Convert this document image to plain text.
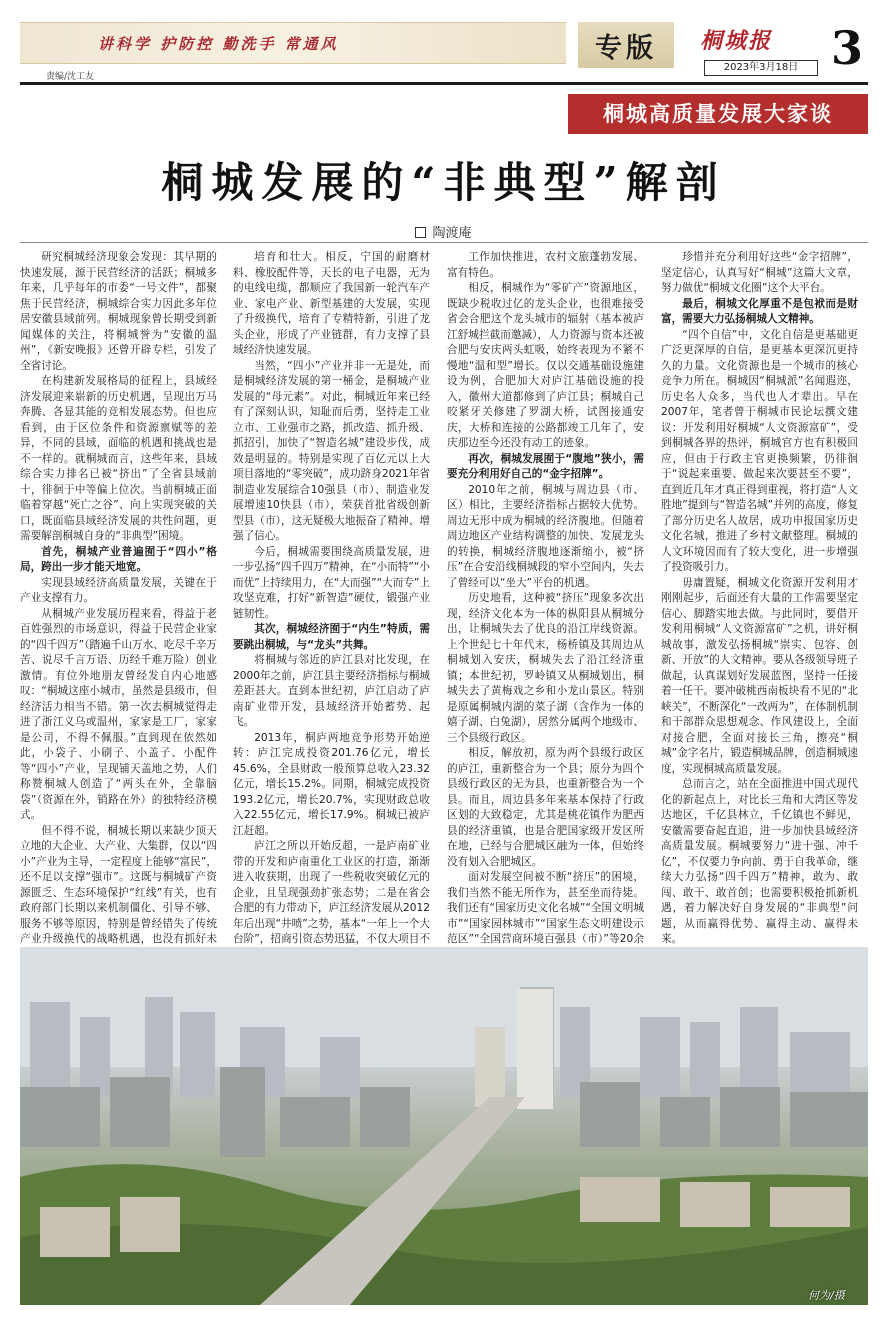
讲科学 护防控 勤洗手 常通风
责编/沈工友
专版	桐城报
2023年3月18日 3
桐城高质量发展大家谈
桐城发展的“非典型”解剖
陶渡庵

研究桐城经济现象会发现：其早期的快速发展，源于民营经济的活跃；桐城多年来，几乎每年的市委“一号文件”，都聚焦于民营经济，桐城综合实力因此多年位居安徽县域前列。桐城现象曾长期受到新闻媒体的关注，将桐城誉为“安徽的温州”，《新安晚报》还曾开辟专栏，引发了全省讨论。

在构建新发展格局的征程上，县域经济发展迎来崭新的历史机遇，呈现出万马奔腾、各显其能的竞相发展态势。但也应看到，由于区位条件和资源禀赋等的差异，不同的县域，面临的机遇和挑战也是不一样的。就桐城而言，这些年来，县域综合实力排名已被“挤出”了全省县域前十，徘徊于中等偏上位次。当前桐城正面临着穿越“死亡之谷”、向上实现突破的关口，既面临县域经济发展的共性问题，更需要解剖桐城自身的“非典型”困境。

首先，桐城产业普遍囿于“四小”格局，跨出一步才能天地宽。

实现县域经济高质量发展，关键在于产业支撑有力。

从桐城产业发展历程来看，得益于老百姓强烈的市场意识，得益于民营企业家的“四千四万”（踏遍千山万水、吃尽千辛万苦、说尽千言万语、历经千难万险）创业激情。有位外地朋友曾经发自内心地感叹：“桐城这座小城市，虽然是县级市，但经济活力相当不错。第一次去桐城觉得走进了浙江义乌或温州，家家是工厂，家家是公司，不得不佩服。”直到现在依然如此，小袋子、小刷子、小盖子、小配件等“四小”产业，呈现铺天盖地之势，人们称赞桐城人创造了“两头在外，全靠脑袋”（资源在外，销路在外）的独特经济模式。

但不得不说，桐城长期以来缺少顶天立地的大企业、大产业、大集群，仅以“四小”产业为主导，一定程度上能够“富民”，还不足以支撑“强市”。这既与桐城矿产资源匮乏、生态环境保护“红线”有关，也有政府部门长期以来机制僵化、引导不够、服务不够等原因，特别是曾经错失了传统产业升级换代的战略机遇，也没有抓好未

培育和壮大。相反，宁国的耐磨材料、橡胶配件等，天长的电子电器，无为的电线电缆，都顺应了我国新一轮汽车产业、家电产业、新型基建的大发展，实现了升级换代，培育了专精特新，引进了龙头企业，形成了产业链群，有力支撑了县域经济快速发展。

当然，“四小”产业并非一无是处，而是桐城经济发展的第一桶金，是桐城产业发展的“母元素”。对此，桐城近年来已经有了深刻认识，知耻而后勇，坚持走工业立市、工业强市之路，抓改造、抓升级、抓招引，加快了“智造名城”建设步伐，成效是明显的。特别是实现了百亿元以上大项目落地的“零突破”，成功跻身2021年省制造业发展综合10强县（市）、制造业发展增速10快县（市），荣获首批省级创新型县（市），这无疑极大地振奋了精神、增强了信心。

今后，桐城需要围绕高质量发展，进一步弘扬“四千四万”精神，在“小而特”“小而优”上持续用力，在“大而强”“大而专”上攻坚克难，打好“新智造”硬仗，锻强产业链韧性。

其次，桐城经济囿于“内生”特质，需要跳出桐城，与“龙头”共舞。

将桐城与邻近的庐江县对比发现，在2000年之前，庐江县主要经济指标与桐城差距甚大。直到本世纪初，庐江启动了庐南矿业带开发，县域经济开始蓄势、起飞。

2013年，桐庐两地竞争形势开始逆转：庐江完成投资201.76亿元，增长45.6%，全县财政一般预算总收入23.32亿元，增长15.2%。同期，桐城完成投资193.2亿元，增长20.7%，实现财政总收入22.55亿元，增长17.9%。桐城已被庐江赶超。

庐江之所以开始反超，一是庐南矿业带的开发和庐南重化工业区的打造，渐渐进入收获期，出现了一些税收突破亿元的企业，且呈现强劲扩张态势；二是在省会合肥的有力带动下，庐江经济发展从2012年后出现“井喷”之势，基本“一年上一个大台阶”，招商引资态势迅猛，不仅大项目不

工作加快推进，农村文旅蓬勃发展、富有特色。

相反，桐城作为“零矿产”资源地区，既缺少税收过亿的龙头企业，也很难接受省会合肥这个龙头城市的辐射（基本被庐江舒城拦截而邀减），人力资源与资本还被合肥与安庆两头虹吸，始终表现为不紧不慢地“温和型”增长。仅以交通基础设施建设为例，合肥加大对庐江基础设施的投入，徽州大道都修到了庐江县；桐城自己咬紧牙关修建了罗湖大桥，试图接通安庆，大桥和连接的公路都竣工几年了，安庆那边至今还没有动工的迹象。

再次，桐城发展囿于“腹地”狭小，需要充分利用好自己的“金字招牌”。

2010年之前，桐城与周边县（市、区）相比，主要经济指标占据较大优势。周边无形中成为桐城的经济腹地。但随着周边地区产业结构调整的加快、发展龙头的转换，桐城经济腹地逐渐缩小，被“挤压”在合安沿线桐城段的窄小空间内，失去了曾经可以“坐大”平台的机遇。

历史地看，这种被“挤压”现象多次出现，经济文化本为一体的枞阳县从桐城分出，让桐城失去了优良的沿江岸线资源。上个世纪七十年代末，杨桥镇及其周边从桐城划入安庆，桐城失去了沿江经济重镇；本世纪初，罗岭镇又从桐城划出，桐城失去了黄梅戏之乡和小龙山景区。特别是原属桐城内湖的菜子湖（含作为一体的嬉子湖、白兔湖），居然分属两个地级市、三个县级行政区。

相反，解放初，原为两个县级行政区的庐江，重新整合为一个县；原分为四个县级行政区的无为县，也重新整合为一个县。而且，周边县多年来基本保持了行政区划的大致稳定，尤其是桃花镇作为肥西县的经济重镇，也是合肥国家级开发区所在地，已经与合肥城区融为一体，但始终没有划入合肥城区。

面对发展空间被不断“挤压”的困境，我们当然不能无所作为，甚至坐而待毙。我们还有“国家历史文化名城”“全国文明城市”“国家园林城市”“国家生态文明建设示范区”“全国营商环境百强县（市）”等20余

珍惜并充分利用好这些“金字招牌”，坚定信心，认真写好“桐城”这篇大文章，努力做优“桐城文化圈”这个大平台。

最后，桐城文化厚重不是包袱而是财富，需要大力弘扬桐城人文精神。

“四个自信”中，文化自信是更基础更广泛更深厚的自信，是更基本更深沉更持久的力量。文化资源也是一个城市的核心竞争力所在。桐城因“桐城派”名闻遐迩，历史名人众多，当代也人才辈出。早在2007年，笔者曾于桐城市民论坛撰文建议：开发利用好桐城“人文资源富矿”，受到桐城各界的热评，桐城官方也有积极回应，但由于行政主官更换频繁，仍徘徊于“说起来重要、做起来次要甚至不要”，直到近几年才真正得到重视，将打造“人文胜地”提到与“智造名城”并列的高度，修复了部分历史名人故居，成功申报国家历史文化名城，推进了乡村文献整理。桐城的人文环境因而有了较大变化，进一步增强了投资吸引力。

毋庸置疑，桐城文化资源开发利用才刚刚起步，后面还有大量的工作需要坚定信心、脚踏实地去做。与此同时，要借开发利用桐城“人文资源富矿”之机，讲好桐城故事，激发弘扬桐城“崇实、包容、创新、开放”的人文精神。要从各级领导班子做起，认真谋划好发展蓝图，坚持一任接着一任干。要冲破桃西南板块看不见的“北峡关”，不断深化“一改两为”，在体制机制和干部群众思想观念、作风建设上，全面对接合肥，全面对接长三角，擦亮“桐城”金字名片，锻造桐城品牌，创造桐城速度，实现桐城高质量发展。

总而言之，站在全面推进中国式现代化的新起点上，对比长三角和大湾区等发达地区，千亿县林立，千亿镇也不鲜见，安徽需要奋起直追，进一步加快县域经济高质量发展。桐城要努力“进十强、冲千亿”，不仅要力争向前、勇于自我革命，继续大力弘扬“四千四万”精神，敢为、敢闯、敢干、敢首创；也需要积极抢抓新机遇，着力解决好自身发展的“非典型”问题，从而赢得优势、赢得主动、赢得未来。

何为/摄
